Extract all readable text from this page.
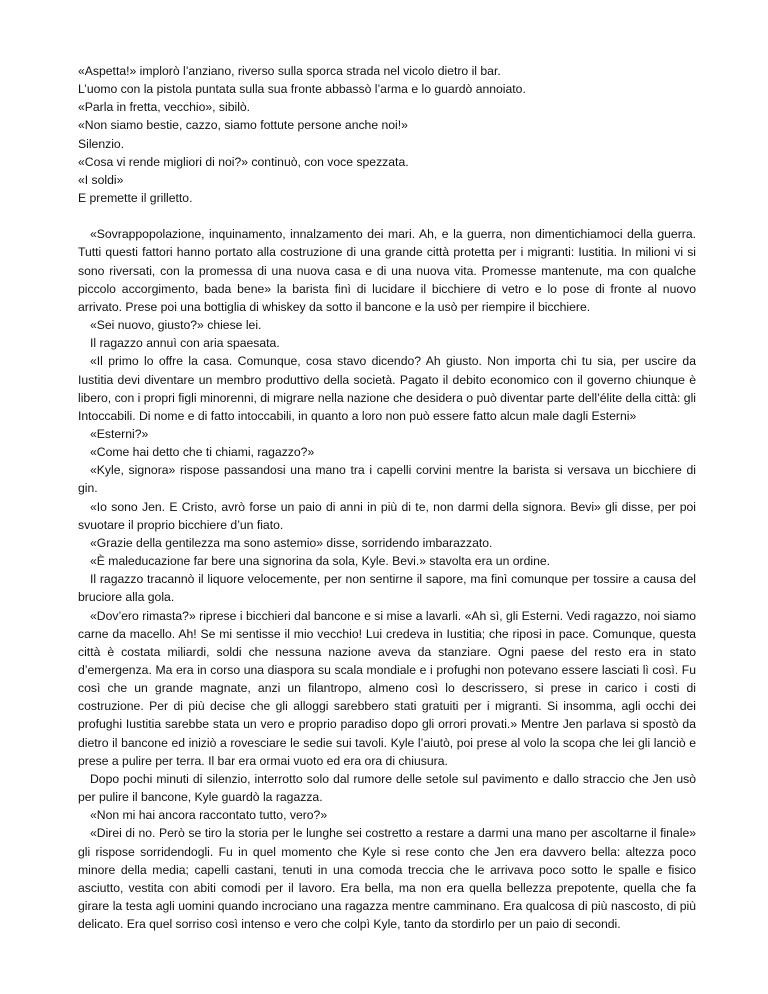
«Aspetta!» implorò l’anziano, riverso sulla sporca strada nel vicolo dietro il bar.

L’uomo con la pistola puntata sulla sua fronte abbassò l’arma e lo guardò annoiato.

«Parla in fretta, vecchio», sibilò.

«Non siamo bestie, cazzo, siamo fottute persone anche noi!»

Silenzio.

«Cosa vi rende migliori di noi?» continuò, con voce spezzata.

«I soldi»

E premette il grilletto.

«Sovrappopolazione, inquinamento, innalzamento dei mari. Ah, e la guerra, non dimentichiamoci della guerra. Tutti questi fattori hanno portato alla costruzione di una grande città protetta per i migranti: Iustitia. In milioni vi si sono riversati, con la promessa di una nuova casa e di una nuova vita. Promesse mantenute, ma con qualche piccolo accorgimento, bada bene» la barista finì di lucidare il bicchiere di vetro e lo pose di fronte al nuovo arrivato. Prese poi una bottiglia di whiskey da sotto il bancone e la usò per riempire il bicchiere.

«Sei nuovo, giusto?» chiese lei.

Il ragazzo annuì con aria spaesata.

«Il primo lo offre la casa. Comunque, cosa stavo dicendo? Ah giusto. Non importa chi tu sia, per uscire da Iustitia devi diventare un membro produttivo della società. Pagato il debito economico con il governo chiunque è libero, con i propri figli minorenni, di migrare nella nazione che desidera o può diventar parte dell’élite della città: gli Intoccabili. Di nome e di fatto intoccabili, in quanto a loro non può essere fatto alcun male dagli Esterni»

«Esterni?»

«Come hai detto che ti chiami, ragazzo?»

«Kyle, signora» rispose passandosi una mano tra i capelli corvini mentre la barista si versava un bicchiere di gin.

«Io sono Jen. E Cristo, avrò forse un paio di anni in più di te, non darmi della signora. Bevi» gli disse, per poi svuotare il proprio bicchiere d’un fiato.

«Grazie della gentilezza ma sono astemio» disse, sorridendo imbarazzato.

«È maleducazione far bere una signorina da sola, Kyle. Bevi.» stavolta era un ordine.

Il ragazzo tracannò il liquore velocemente, per non sentirne il sapore, ma finì comunque per tossire a causa del bruciore alla gola.

«Dov’ero rimasta?» riprese i bicchieri dal bancone e si mise a lavarli. «Ah sì, gli Esterni. Vedi ragazzo, noi siamo carne da macello. Ah! Se mi sentisse il mio vecchio! Lui credeva in Iustitia; che riposi in pace. Comunque, questa città è costata miliardi, soldi che nessuna nazione aveva da stanziare. Ogni paese del resto era in stato d’emergenza. Ma era in corso una diaspora su scala mondiale e i profughi non potevano essere lasciati lì così. Fu così che un grande magnate, anzi un filantropo, almeno così lo descrissero, si prese in carico i costi di costruzione. Per di più decise che gli alloggi sarebbero stati gratuiti per i migranti. Si insomma, agli occhi dei profughi Iustitia sarebbe stata un vero e proprio paradiso dopo gli orrori provati.» Mentre Jen parlava si spostò da dietro il bancone ed iniziò a rovesciare le sedie sui tavoli. Kyle l’aiutò, poi prese al volo la scopa che lei gli lanciò e prese a pulire per terra. Il bar era ormai vuoto ed era ora di chiusura.

Dopo pochi minuti di silenzio, interrotto solo dal rumore delle setole sul pavimento e dallo straccio che Jen usò per pulire il bancone, Kyle guardò la ragazza.

«Non mi hai ancora raccontato tutto, vero?»

«Direi di no. Però se tiro la storia per le lunghe sei costretto a restare a darmi una mano per ascoltarne il finale» gli rispose sorridendogli. Fu in quel momento che Kyle si rese conto che Jen era davvero bella: altezza poco minore della media; capelli castani, tenuti in una comoda treccia che le arrivava poco sotto le spalle e fisico asciutto, vestita con abiti comodi per il lavoro. Era bella, ma non era quella bellezza prepotente, quella che fa girare la testa agli uomini quando incrociano una ragazza mentre camminano. Era qualcosa di più nascosto, di più delicato. Era quel sorriso così intenso e vero che colpì Kyle, tanto da stordirlo per un paio di secondi.
